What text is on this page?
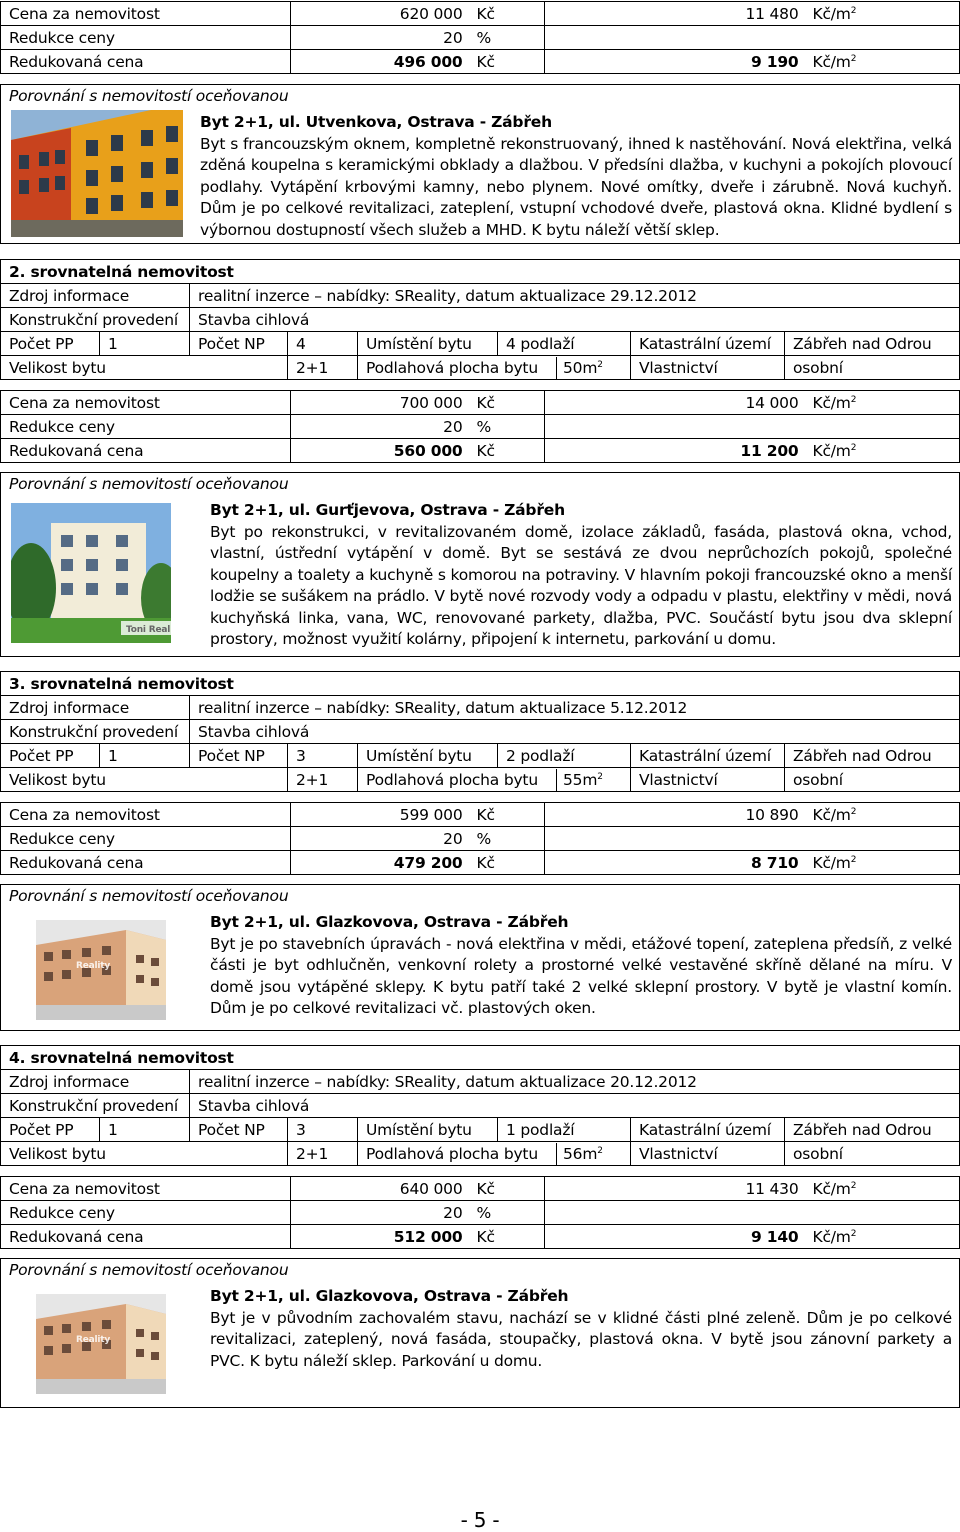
Cena za nemovitost	620 000	Kč	11 480	$Kč/m^2$
Redukce ceny	20	%		
Redukovaná cena	496 000	Kč	9 190	$Kč/m^2$
Porovnání s nemovitostí oceňovanou
Byt 2+1, ul. Utvenkova, Ostrava - Zábřeh
Byt s francouzským oknem, kompletně rekonstruovaný, ihned k nastěhování. Nová elektřina, velká zděná koupelna s keramickými obklady a dlažbou. V předsíni dlažba, v kuchyni a pokojích plovoucí podlahy. Vytápění krbovými kamny, nebo plynem. Nové omítky, dveře i zárubně. Nová kuchyň. Dům je po celkové revitalizaci, zateplení, vstupní vchodové dveře, plastová okna. Klidné bydlení s výbornou dostupností všech služeb a MHD. K bytu náleží větší sklep.
2. srovnatelná nemovitost							
Zdroj informace		realitní inzerce – nabídky: SReality, datum aktualizace 29.12.2012					
Konstrukční provedení		Stavba cihlová					
Počet PP	1	Počet NP	4	Umístění bytu	4 podlaží	Katastrální území	Zábřeh nad Odrou
Velikost bytu			2+1	Podlahová plocha bytu $50m^2$		Vlastnictví	osobní
Cena za nemovitost	700 000	Kč	14 000	$Kč/m^2$
Redukce ceny	20	%		
Redukovaná cena	560 000	Kč	11 200	$Kč/m^2$
Porovnání s nemovitostí oceňovanou
Toni Real
Byt 2+1, ul. Gurťjevova, Ostrava - Zábřeh
Byt po rekonstrukci, v revitalizovaném domě, izolace základů, fasáda, plastová okna, vchod, vlastní, ústřední vytápění v domě. Byt se sestává ze dvou neprůchozích pokojů, společné koupelny a toalety a kuchyně s komorou na potraviny. V hlavním pokoji francouzské okno a menší lodžie se sušákem na prádlo. V bytě nové rozvody vody a odpadu v plastu, elektřiny v mědi, nová kuchyňská linka, vana, WC, renovované parkety, dlažba, PVC. Součástí bytu jsou dva sklepní prostory, možnost využití kolárny, připojení k internetu, parkování u domu.
3. srovnatelná nemovitost							
Zdroj informace		realitní inzerce – nabídky: SReality, datum aktualizace 5.12.2012					
Konstrukční provedení		Stavba cihlová					
Počet PP	1	Počet NP	3	Umístění bytu	2 podlaží	Katastrální území	Zábřeh nad Odrou
Velikost bytu			2+1	Podlahová plocha bytu $55m^2$		Vlastnictví	osobní
Cena za nemovitost	599 000	Kč	10 890	$Kč/m^2$
Redukce ceny	20	%		
Redukovaná cena	479 200	Kč	8 710	$Kč/m^2$
Porovnání s nemovitostí oceňovanou
Reality
Byt 2+1, ul. Glazkovova, Ostrava - Zábřeh
Byt je po stavebních úpravách - nová elektřina v mědi, etážové topení, zateplena předsíň, z velké části je byt odhlučněn, venkovní rolety a prostorné velké vestavěné skříně dělané na míru. V domě jsou vytápěné sklepy. K bytu patří také 2 velké sklepní prostory. V bytě je vlastní komín. Dům je po celkové revitalizaci vč. plastových oken.
4. srovnatelná nemovitost							
Zdroj informace		realitní inzerce – nabídky: SReality, datum aktualizace 20.12.2012					
Konstrukční provedení		Stavba cihlová					
Počet PP	1	Počet NP	3	Umístění bytu	1 podlaží	Katastrální území	Zábřeh nad Odrou
Velikost bytu			2+1	Podlahová plocha bytu $56m^2$		Vlastnictví	osobní
Cena za nemovitost	640 000	Kč	11 430	$Kč/m^2$
Redukce ceny	20	%		
Redukovaná cena	512 000	Kč	9 140	$Kč/m^2$
Porovnání s nemovitostí oceňovanou
Reality
Byt 2+1, ul. Glazkovova, Ostrava - Zábřeh
Byt je v původním zachovalém stavu, nachází se v klidné části plné zeleně. Dům je po celkové revitalizaci, zateplený, nová fasáda, stoupačky, plastová okna. V bytě jsou zánovní parkety a PVC. K bytu náleží sklep. Parkování u domu.
- 5 -
